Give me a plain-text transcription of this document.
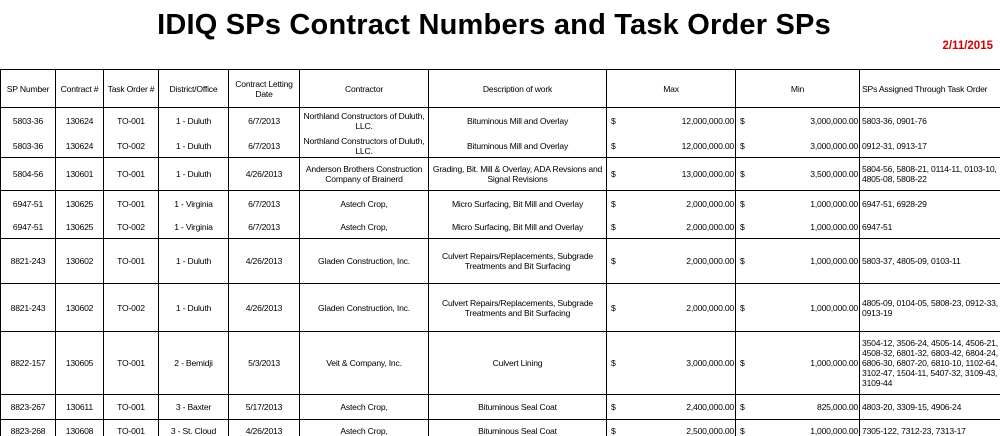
IDIQ SPs Contract Numbers and Task Order SPs
2/11/2015
SP Number	Contract #	Task Order #	District/Office	Contract Letting Date	Contractor	Description of work	Max		Min		SPs Assigned Through Task Order
5803-36	130624	TO-001	1 - Duluth	6/7/2013	Northland Constructors of Duluth, LLC.	Bituminous Mill and Overlay	$	12,000,000.00	$	3,000,000.00	5803-36, 0901-76
5803-36	130624	TO-002	1 - Duluth	6/7/2013	Northland Constructors of Duluth, LLC.	Bituminous Mill and Overlay	$	12,000,000.00	$	3,000,000.00	0912-31, 0913-17
5804-56	130601	TO-001	1 - Duluth	4/26/2013	Anderson Brothers Construction Company of Brainerd	Grading, Bit. Mill & Overlay, ADA Revsions and Signal Revisions	$	13,000,000.00	$	3,500,000.00	5804-56, 5808-21, 0114-11, 0103-10, 4805-08, 5808-22
6947-51	130625	TO-001	1 - Virginia	6/7/2013	Astech Crop,	Micro Surfacing, Bit Mill and Overlay	$	2,000,000.00	$	1,000,000.00	6947-51, 6928-29
6947-51	130625	TO-002	1 - Virginia	6/7/2013	Astech Crop,	Micro Surfacing, Bit Mill and Overlay	$	2,000,000.00	$	1,000,000.00	6947-51
8821-243	130602	TO-001	1 - Duluth	4/26/2013	Gladen Construction, Inc.	Culvert Repairs/Replacements, Subgrade Treatments and Bit Surfacing	$	2,000,000.00	$	1,000,000.00	5803-37, 4805-09, 0103-11
8821-243	130602	TO-002	1 - Duluth	4/26/2013	Gladen Construction, Inc.	Culvert Repairs/Replacements, Subgrade Treatments and Bit Surfacing	$	2,000,000.00	$	1,000,000.00	4805-09, 0104-05, 5808-23, 0912-33, 0913-19
8822-157	130605	TO-001	2 - Bemidji	5/3/2013	Veit & Company, Inc.	Culvert Lining	$	3,000,000.00	$	1,000,000.00	3504-12, 3506-24, 4505-14, 4506-21, 4508-32, 6801-32, 6803-42, 6804-24, 6806-30, 6807-20, 6810-10, 1102-64, 3102-47, 1504-11, 5407-32, 3109-43, 3109-44
8823-267	130611	TO-001	3 - Baxter	5/17/2013	Astech Crop,	Bituminous Seal Coat	$	2,400,000.00	$	825,000.00	4803-20, 3309-15, 4906-24
8823-268	130608	TO-001	3 - St. Cloud	4/26/2013	Astech Crop,	Bituminous Seal Coat	$	2,500,000.00	$	1,000,000.00	7305-122, 7312-23, 7313-17
